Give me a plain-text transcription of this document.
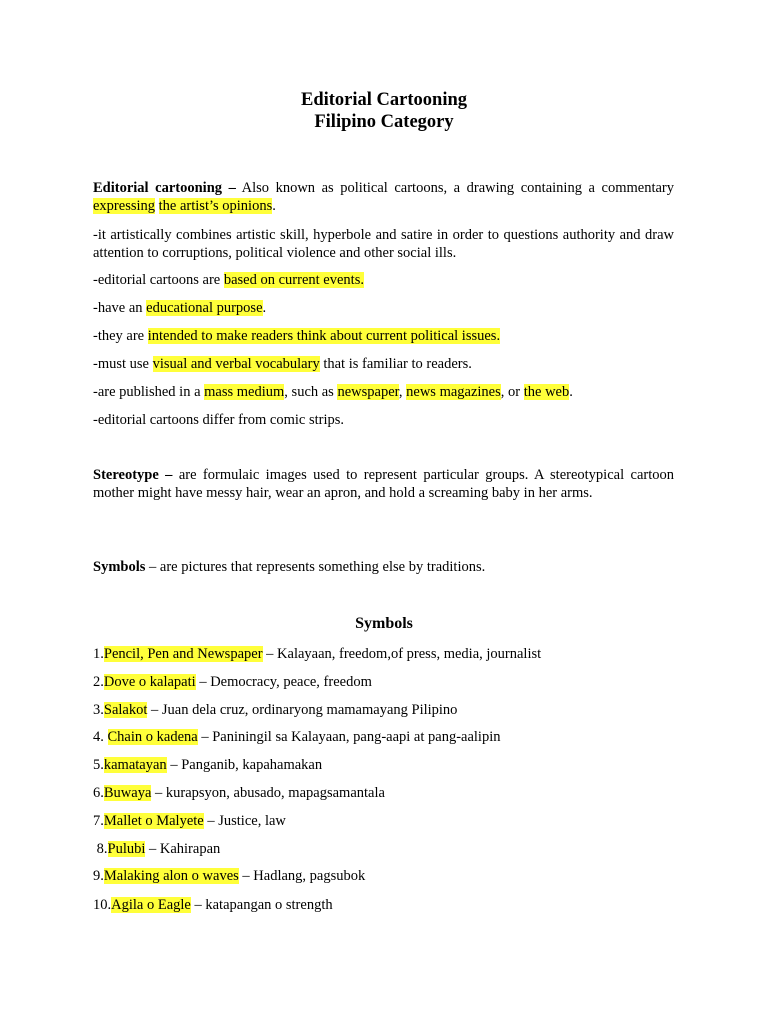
Editorial Cartooning
Filipino Category
Editorial cartooning – Also known as political cartoons, a drawing containing a commentary expressing the artist’s opinions.
-it artistically combines artistic skill, hyperbole and satire in order to questions authority and draw attention to corruptions, political violence and other social ills.
-editorial cartoons are based on current events.
-have an educational purpose.
-they are intended to make readers think about current political issues.
-must use visual and verbal vocabulary that is familiar to readers.
-are published in a mass medium, such as newspaper, news magazines, or the web.
-editorial cartoons differ from comic strips.
Stereotype – are formulaic images used to represent particular groups. A stereotypical cartoon mother might have messy hair, wear an apron, and hold a screaming baby in her arms.
Symbols – are pictures that represents something else by traditions.
Symbols
1.Pencil, Pen and Newspaper – Kalayaan, freedom,of press, media, journalist
2.Dove o kalapati – Democracy, peace, freedom
3.Salakot – Juan dela cruz, ordinaryong mamamayang Pilipino
4. Chain o kadena – Paniningil sa Kalayaan, pang-aapi at pang-aalipin
5.kamatayan – Panganib, kapahamakan
6.Buwaya – kurapsyon, abusado, mapagsamantala
7.Mallet o Malyete – Justice, law
8.Pulubi – Kahirapan
9.Malaking alon o waves – Hadlang, pagsubok
10.Agila o Eagle – katapangan o strength
